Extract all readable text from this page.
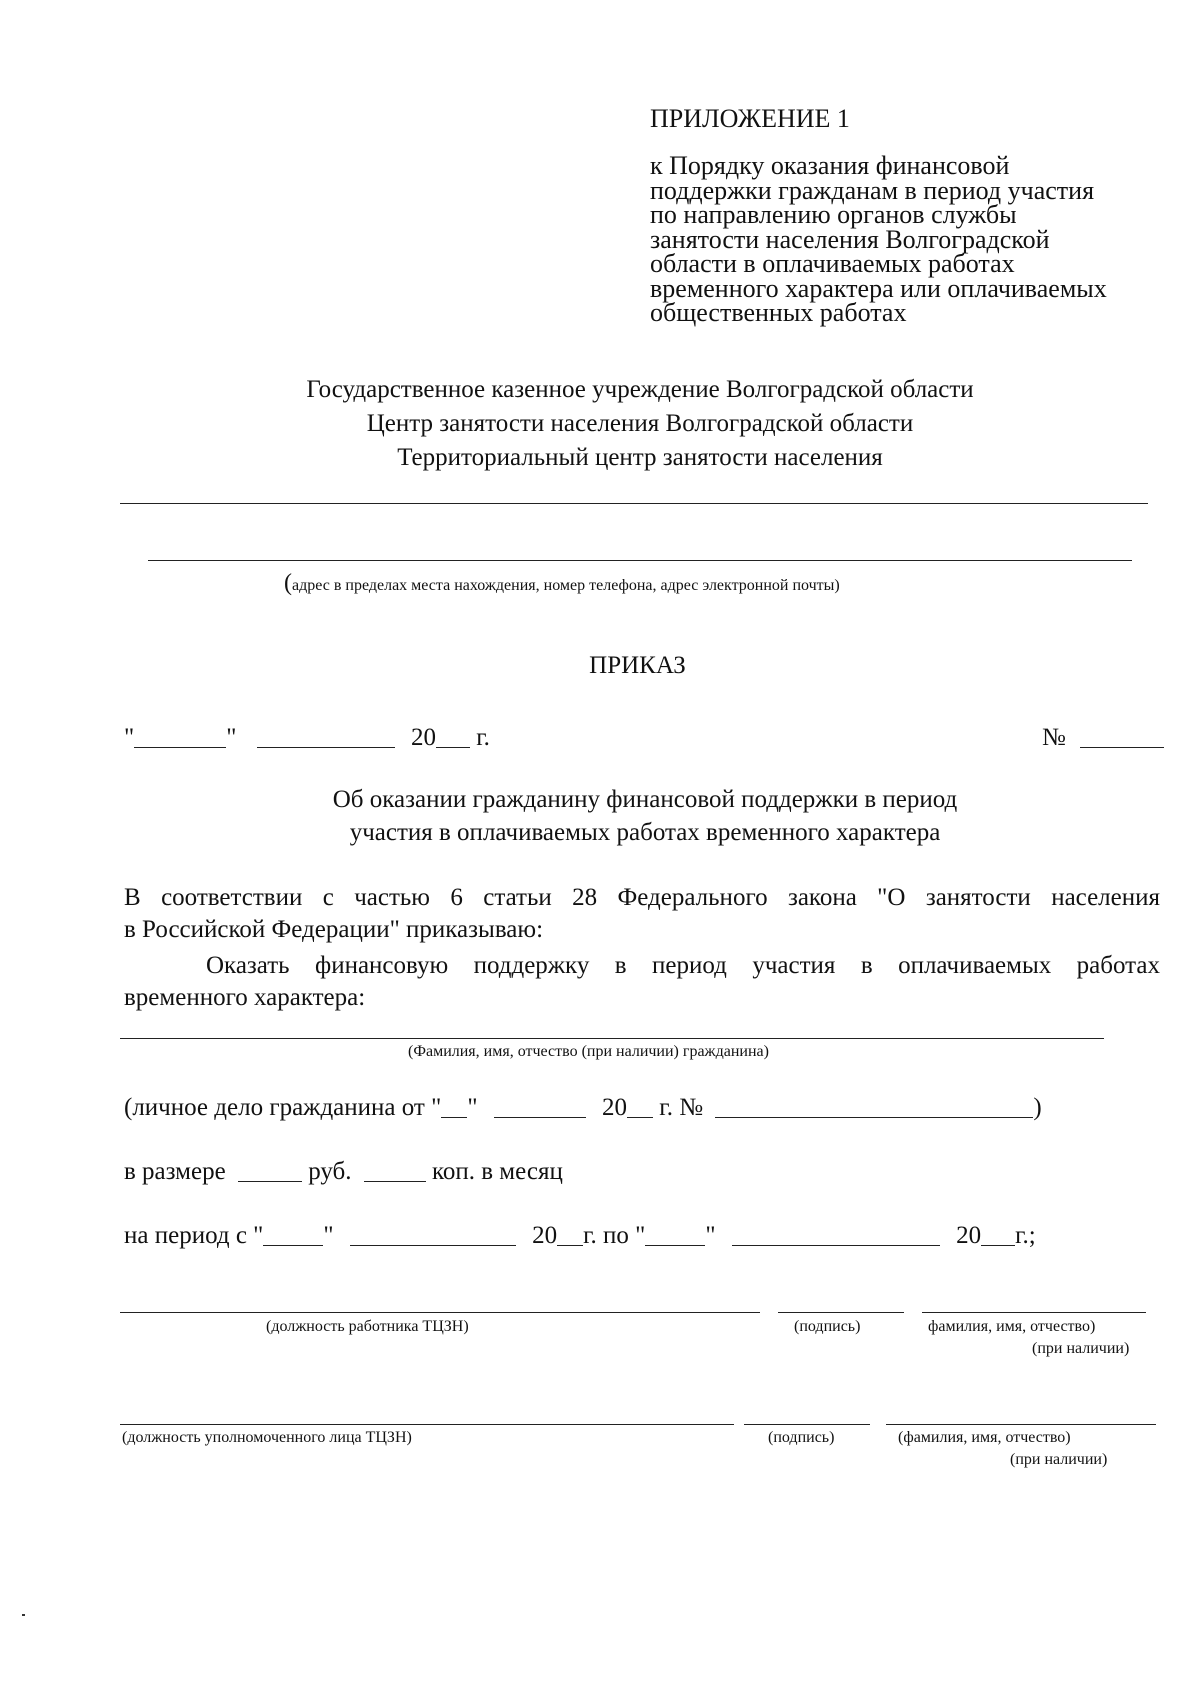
ПРИЛОЖЕНИЕ 1
к Порядку оказания финансовой
поддержки гражданам в период участия
по направлению органов службы
занятости населения Волгоградской
области в оплачиваемых работах
временного характера или оплачиваемых
общественных работах
Государственное казенное учреждение Волгоградской области
Центр занятости населения Волгоградской области
Территориальный центр занятости населения
(адрес в пределах места нахождения, номер телефона, адрес электронной почты)
ПРИКАЗ
"	"	20 г.	№
Об оказании гражданину финансовой поддержки в период
участия в оплачиваемых работах временного характера
В соответствии с частью 6 статьи 28 Федерального закона "О занятости населения
в Российской Федерации" приказываю:
Оказать финансовую поддержку в период участия в оплачиваемых работах
временного характера:
(Фамилия, имя, отчество (при наличии) гражданина)
(личное дело гражданина от " "	20 г. №	)
в размере	руб.	коп. в месяц
на период с " "	20 г. по " "	20 г.;
(должность работника ТЦЗН)	(подпись)	фамилия, имя, отчество)
(при наличии)
(должность уполномоченного лица ТЦЗН)	(подпись)	(фамилия, имя, отчество)
(при наличии)
